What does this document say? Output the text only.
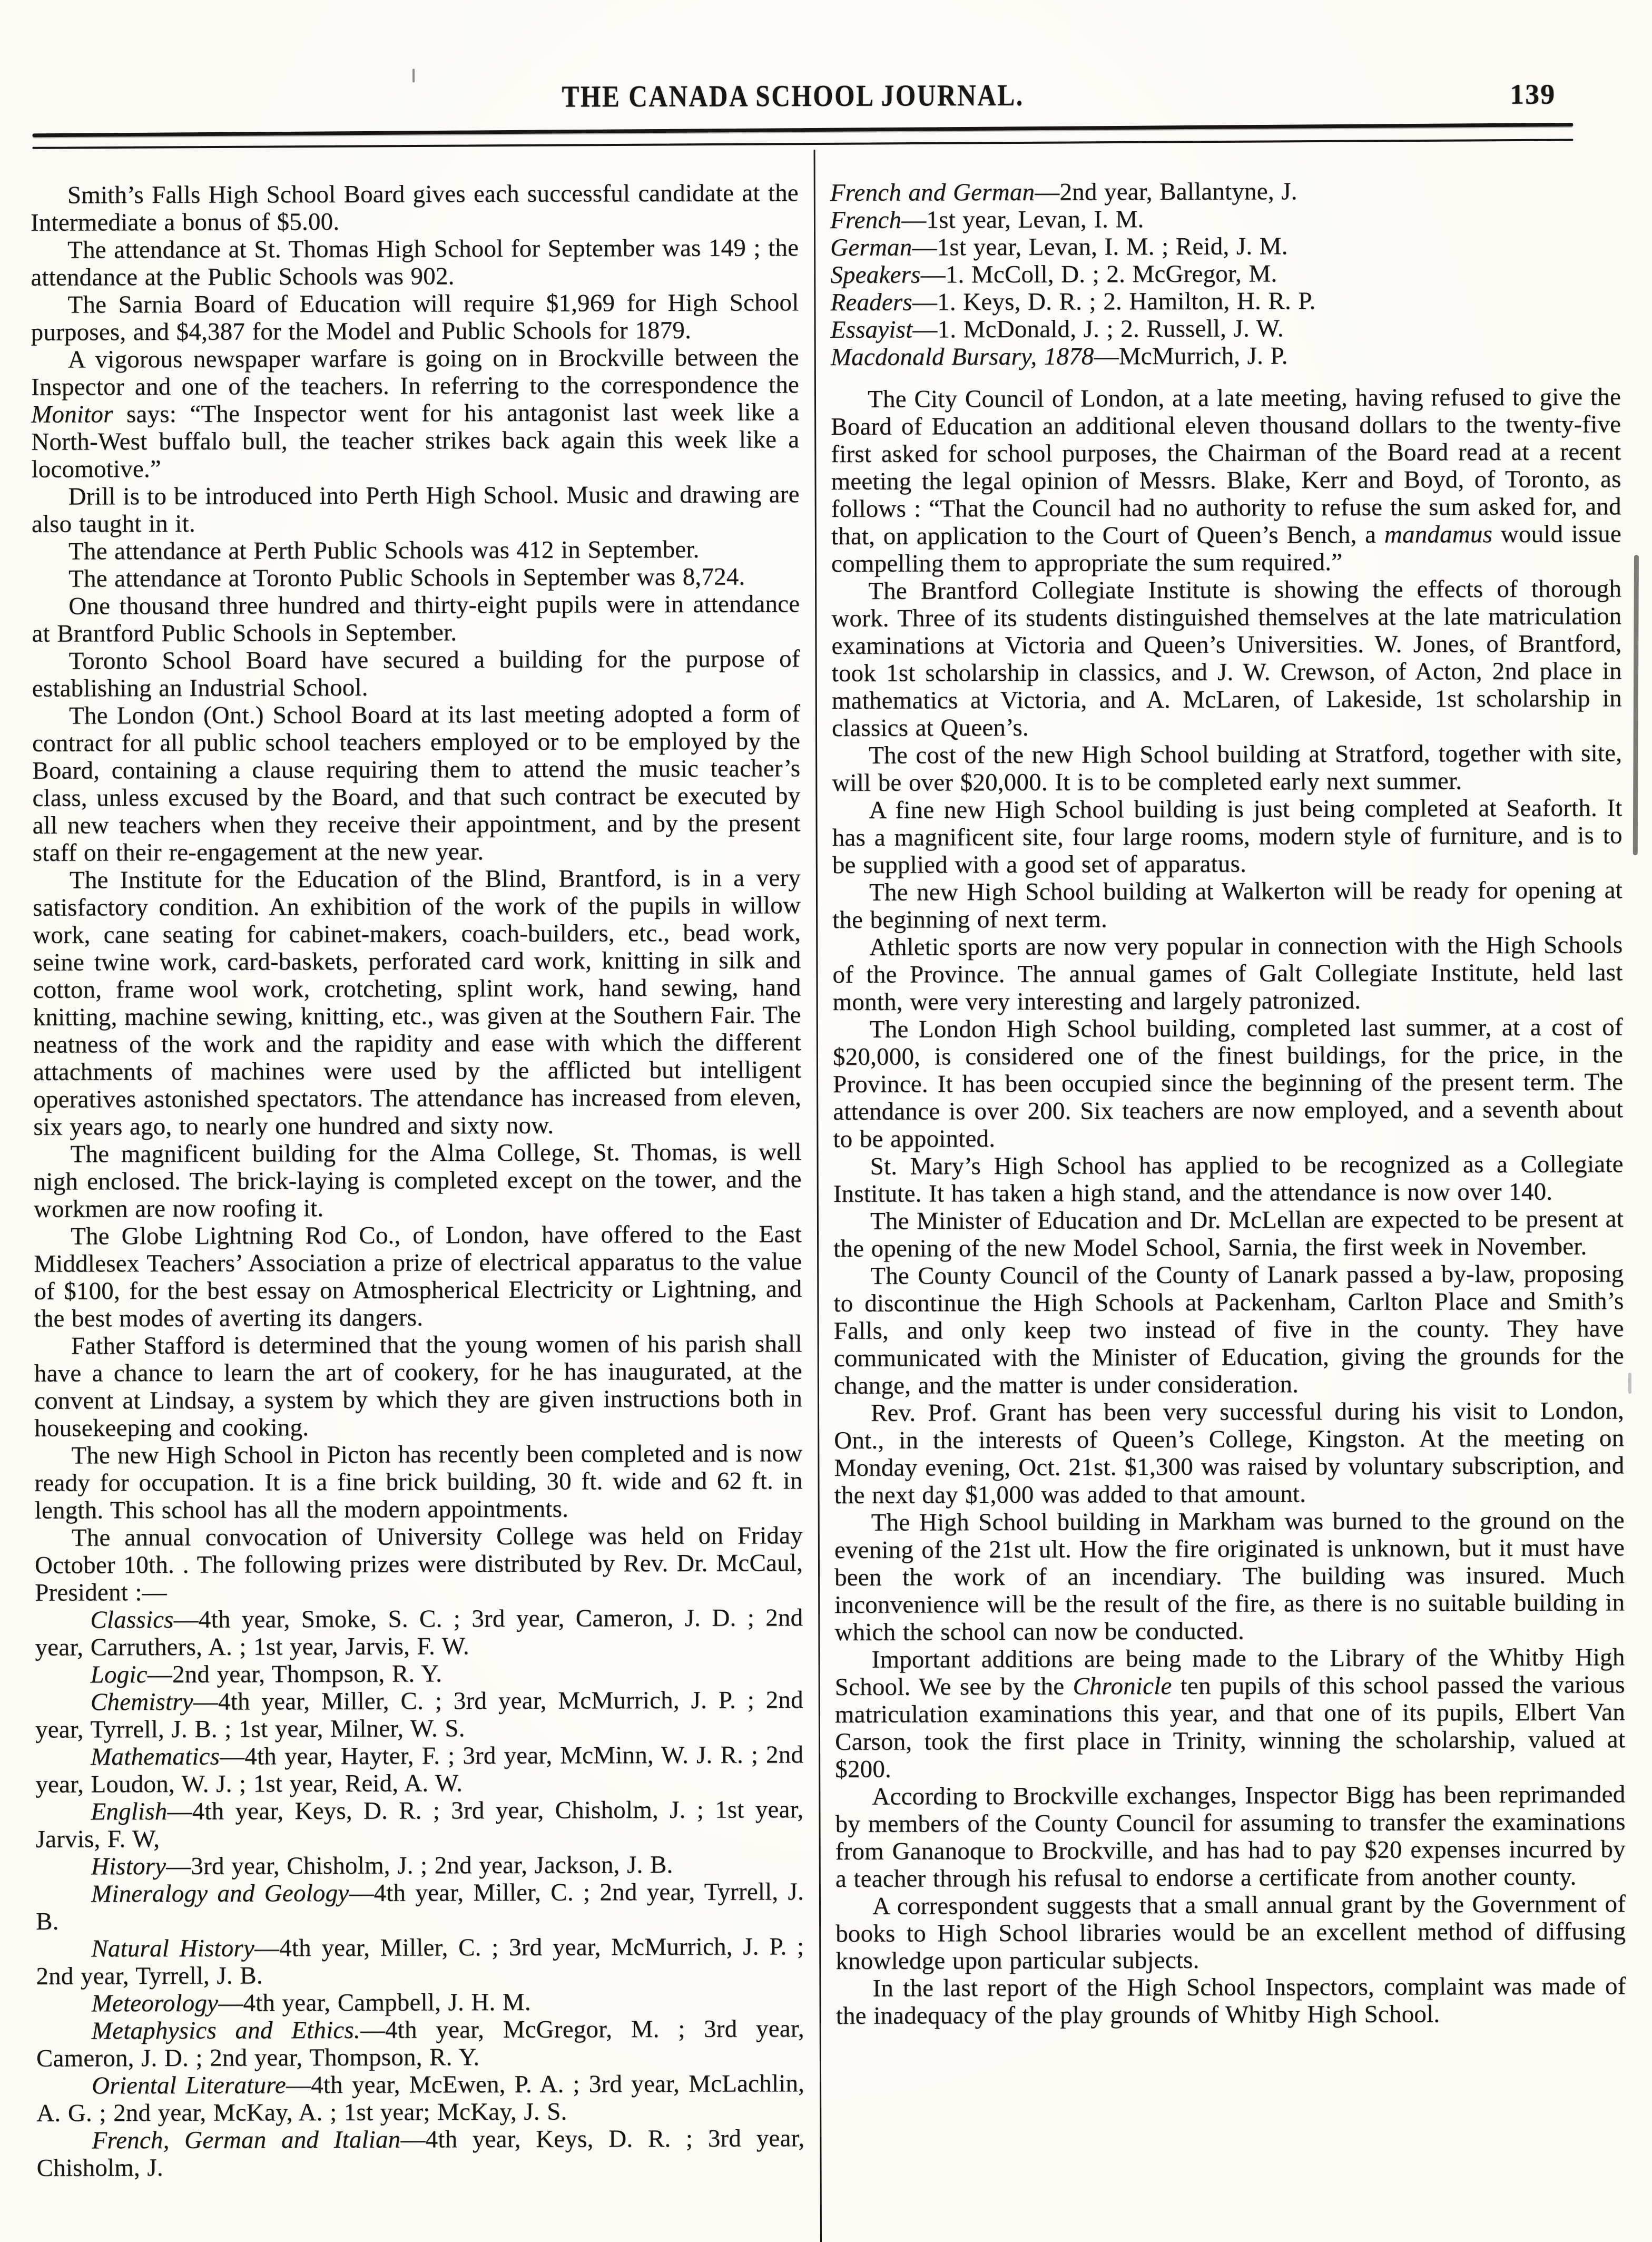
THE CANADA SCHOOL JOURNAL.	139

Smith’s Falls High School Board gives each successful candidate at the Intermediate a bonus of $5.00.

The attendance at St. Thomas High School for September was 149 ; the attendance at the Public Schools was 902.

The Sarnia Board of Education will require $1,969 for High School purposes, and $4,387 for the Model and Public Schools for 1879.

A vigorous newspaper warfare is going on in Brockville between the Inspector and one of the teachers. In referring to the correspondence the Monitor says: “The Inspector went for his antagonist last week like a North-West buffalo bull, the teacher strikes back again this week like a locomotive.”

Drill is to be introduced into Perth High School. Music and drawing are also taught in it.

The attendance at Perth Public Schools was 412 in September.

The attendance at Toronto Public Schools in September was 8,724.

One thousand three hundred and thirty-eight pupils were in attendance at Brantford Public Schools in September.

Toronto School Board have secured a building for the purpose of establishing an Industrial School.

The London (Ont.) School Board at its last meeting adopted a form of contract for all public school teachers employed or to be employed by the Board, containing a clause requiring them to attend the music teacher’s class, unless excused by the Board, and that such contract be executed by all new teachers when they receive their appointment, and by the present staff on their re-engagement at the new year.

The Institute for the Education of the Blind, Brantford, is in a very satisfactory condition. An exhibition of the work of the pupils in willow work, cane seating for cabinet-makers, coach-builders, etc., bead work, seine twine work, card-baskets, perforated card work, knitting in silk and cotton, frame wool work, crotcheting, splint work, hand sewing, hand knitting, machine sewing, knitting, etc., was given at the Southern Fair. The neatness of the work and the rapidity and ease with which the different attachments of machines were used by the afflicted but intelligent operatives astonished spectators. The attendance has increased from eleven, six years ago, to nearly one hundred and sixty now.

The magnificent building for the Alma College, St. Thomas, is well nigh enclosed. The brick-laying is completed except on the tower, and the workmen are now roofing it.

The Globe Lightning Rod Co., of London, have offered to the East Middlesex Teachers’ Association a prize of electrical apparatus to the value of $100, for the best essay on Atmospherical Electricity or Lightning, and the best modes of averting its dangers.

Father Stafford is determined that the young women of his parish shall have a chance to learn the art of cookery, for he has inaugurated, at the convent at Lindsay, a system by which they are given instructions both in housekeeping and cooking.

The new High School in Picton has recently been completed and is now ready for occupation. It is a fine brick building, 30 ft. wide and 62 ft. in length. This school has all the modern appointments.

The annual convocation of University College was held on Friday October 10th. . The following prizes were distributed by Rev. Dr. McCaul, President :—

Classics—4th year, Smoke, S. C. ; 3rd year, Cameron, J. D. ; 2nd year, Carruthers, A. ; 1st year, Jarvis, F. W.

Logic—2nd year, Thompson, R. Y.

Chemistry—4th year, Miller, C. ; 3rd year, McMurrich, J. P. ; 2nd year, Tyrrell, J. B. ; 1st year, Milner, W. S.

Mathematics—4th year, Hayter, F. ; 3rd year, McMinn, W. J. R. ; 2nd year, Loudon, W. J. ; 1st year, Reid, A. W.

English—4th year, Keys, D. R. ; 3rd year, Chisholm, J. ; 1st year, Jarvis, F. W,

History—3rd year, Chisholm, J. ; 2nd year, Jackson, J. B.

Mineralogy and Geology—4th year, Miller, C. ; 2nd year, Tyrrell, J. B.

Natural History—4th year, Miller, C. ; 3rd year, McMurrich, J. P. ; 2nd year, Tyrrell, J. B.

Meteorology—4th year, Campbell, J. H. M.

Metaphysics and Ethics.—4th year, McGregor, M. ; 3rd year, Cameron, J. D. ; 2nd year, Thompson, R. Y.

Oriental Literature—4th year, McEwen, P. A. ; 3rd year, McLachlin, A. G. ; 2nd year, McKay, A. ; 1st year; McKay, J. S.

French, German and Italian—4th year, Keys, D. R. ; 3rd year, Chisholm, J.

French and German—2nd year, Ballantyne, J.

French—1st year, Levan, I. M.

German—1st year, Levan, I. M. ; Reid, J. M.

Speakers—1. McColl, D. ; 2. McGregor, M.

Readers—1. Keys, D. R. ; 2. Hamilton, H. R. P.

Essayist—1. McDonald, J. ; 2. Russell, J. W.

Macdonald Bursary, 1878—McMurrich, J. P.

The City Council of London, at a late meeting, having refused to give the Board of Education an additional eleven thousand dollars to the twenty-five first asked for school purposes, the Chairman of the Board read at a recent meeting the legal opinion of Messrs. Blake, Kerr and Boyd, of Toronto, as follows : “That the Council had no authority to refuse the sum asked for, and that, on application to the Court of Queen’s Bench, a mandamus would issue compelling them to appropriate the sum required.”

The Brantford Collegiate Institute is showing the effects of thorough work. Three of its students distinguished themselves at the late matriculation examinations at Victoria and Queen’s Universities. W. Jones, of Brantford, took 1st scholarship in classics, and J. W. Crewson, of Acton, 2nd place in mathematics at Victoria, and A. McLaren, of Lakeside, 1st scholarship in classics at Queen’s.

The cost of the new High School building at Stratford, together with site, will be over $20,000. It is to be completed early next summer.

A fine new High School building is just being completed at Seaforth. It has a magnificent site, four large rooms, modern style of furniture, and is to be supplied with a good set of apparatus.

The new High School building at Walkerton will be ready for opening at the beginning of next term.

Athletic sports are now very popular in connection with the High Schools of the Province. The annual games of Galt Collegiate Institute, held last month, were very interesting and largely patronized.

The London High School building, completed last summer, at a cost of $20,000, is considered one of the finest buildings, for the price, in the Province. It has been occupied since the beginning of the present term. The attendance is over 200. Six teachers are now employed, and a seventh about to be appointed.

St. Mary’s High School has applied to be recognized as a Collegiate Institute. It has taken a high stand, and the attendance is now over 140.

The Minister of Education and Dr. McLellan are expected to be present at the opening of the new Model School, Sarnia, the first week in November.

The County Council of the County of Lanark passed a by-law, proposing to discontinue the High Schools at Packenham, Carlton Place and Smith’s Falls, and only keep two instead of five in the county. They have communicated with the Minister of Education, giving the grounds for the change, and the matter is under consideration.

Rev. Prof. Grant has been very successful during his visit to London, Ont., in the interests of Queen’s College, Kingston. At the meeting on Monday evening, Oct. 21st. $1,300 was raised by voluntary subscription, and the next day $1,000 was added to that amount.

The High School building in Markham was burned to the ground on the evening of the 21st ult. How the fire originated is unknown, but it must have been the work of an incendiary. The building was insured. Much inconvenience will be the result of the fire, as there is no suitable building in which the school can now be conducted.

Important additions are being made to the Library of the Whitby High School. We see by the Chronicle ten pupils of this school passed the various matriculation examinations this year, and that one of its pupils, Elbert Van Carson, took the first place in Trinity, winning the scholarship, valued at $200.

According to Brockville exchanges, Inspector Bigg has been reprimanded by members of the County Council for assuming to transfer the examinations from Gananoque to Brockville, and has had to pay $20 expenses incurred by a teacher through his refusal to endorse a certificate from another county.

A correspondent suggests that a small annual grant by the Government of books to High School libraries would be an excellent method of diffusing knowledge upon particular subjects.

In the last report of the High School Inspectors, complaint was made of the inadequacy of the play grounds of Whitby High School.
